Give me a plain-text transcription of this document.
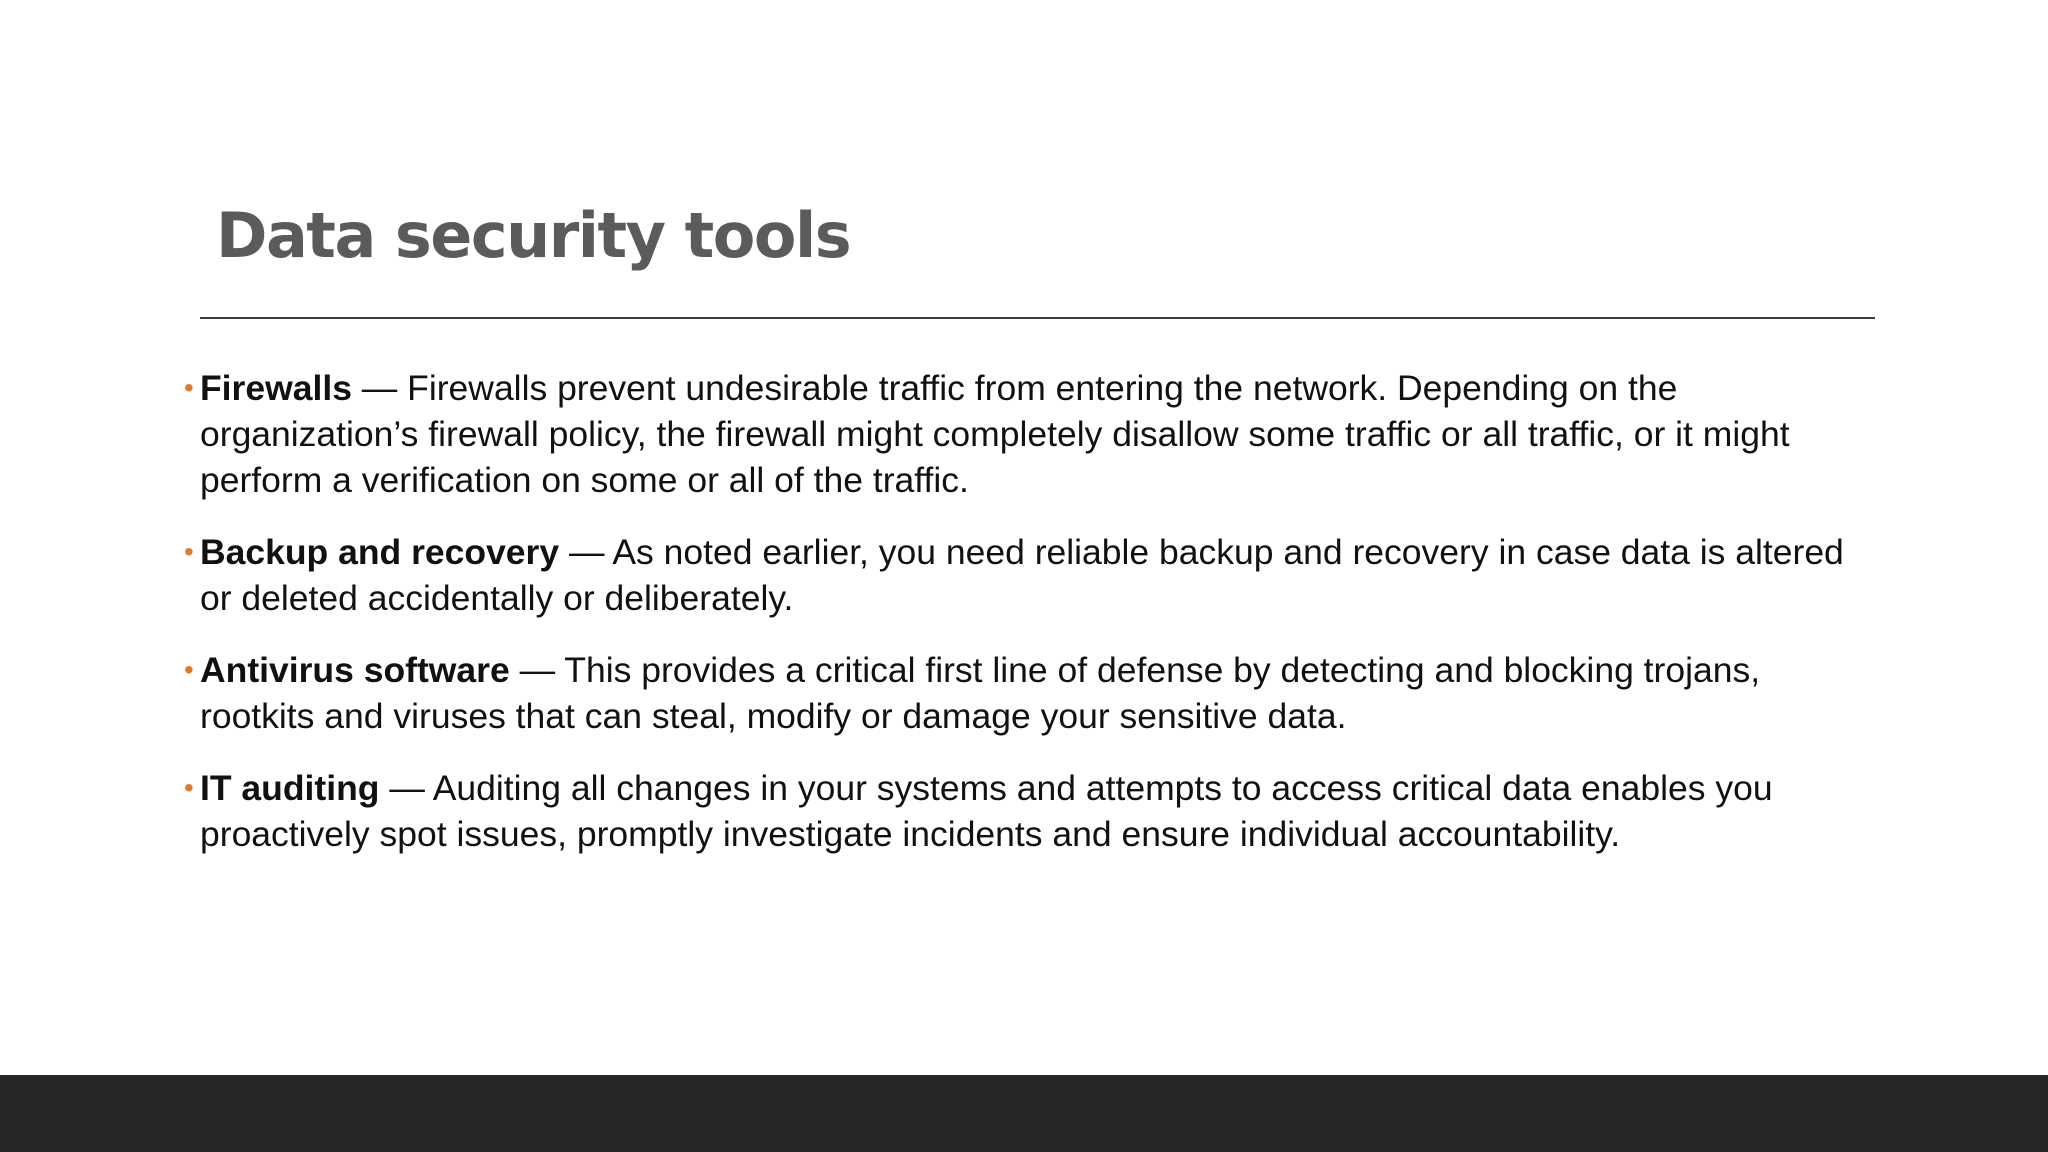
Data security tools
• Firewalls — Firewalls prevent undesirable traffic from entering the network. Depending on the organization’s firewall policy, the firewall might completely disallow some traffic or all traffic, or it might perform a verification on some or all of the traffic.
• Backup and recovery — As noted earlier, you need reliable backup and recovery in case data is altered or deleted accidentally or deliberately.
• Antivirus software — This provides a critical first line of defense by detecting and blocking trojans, rootkits and viruses that can steal, modify or damage your sensitive data.
• IT auditing — Auditing all changes in your systems and attempts to access critical data enables you proactively spot issues, promptly investigate incidents and ensure individual accountability.
